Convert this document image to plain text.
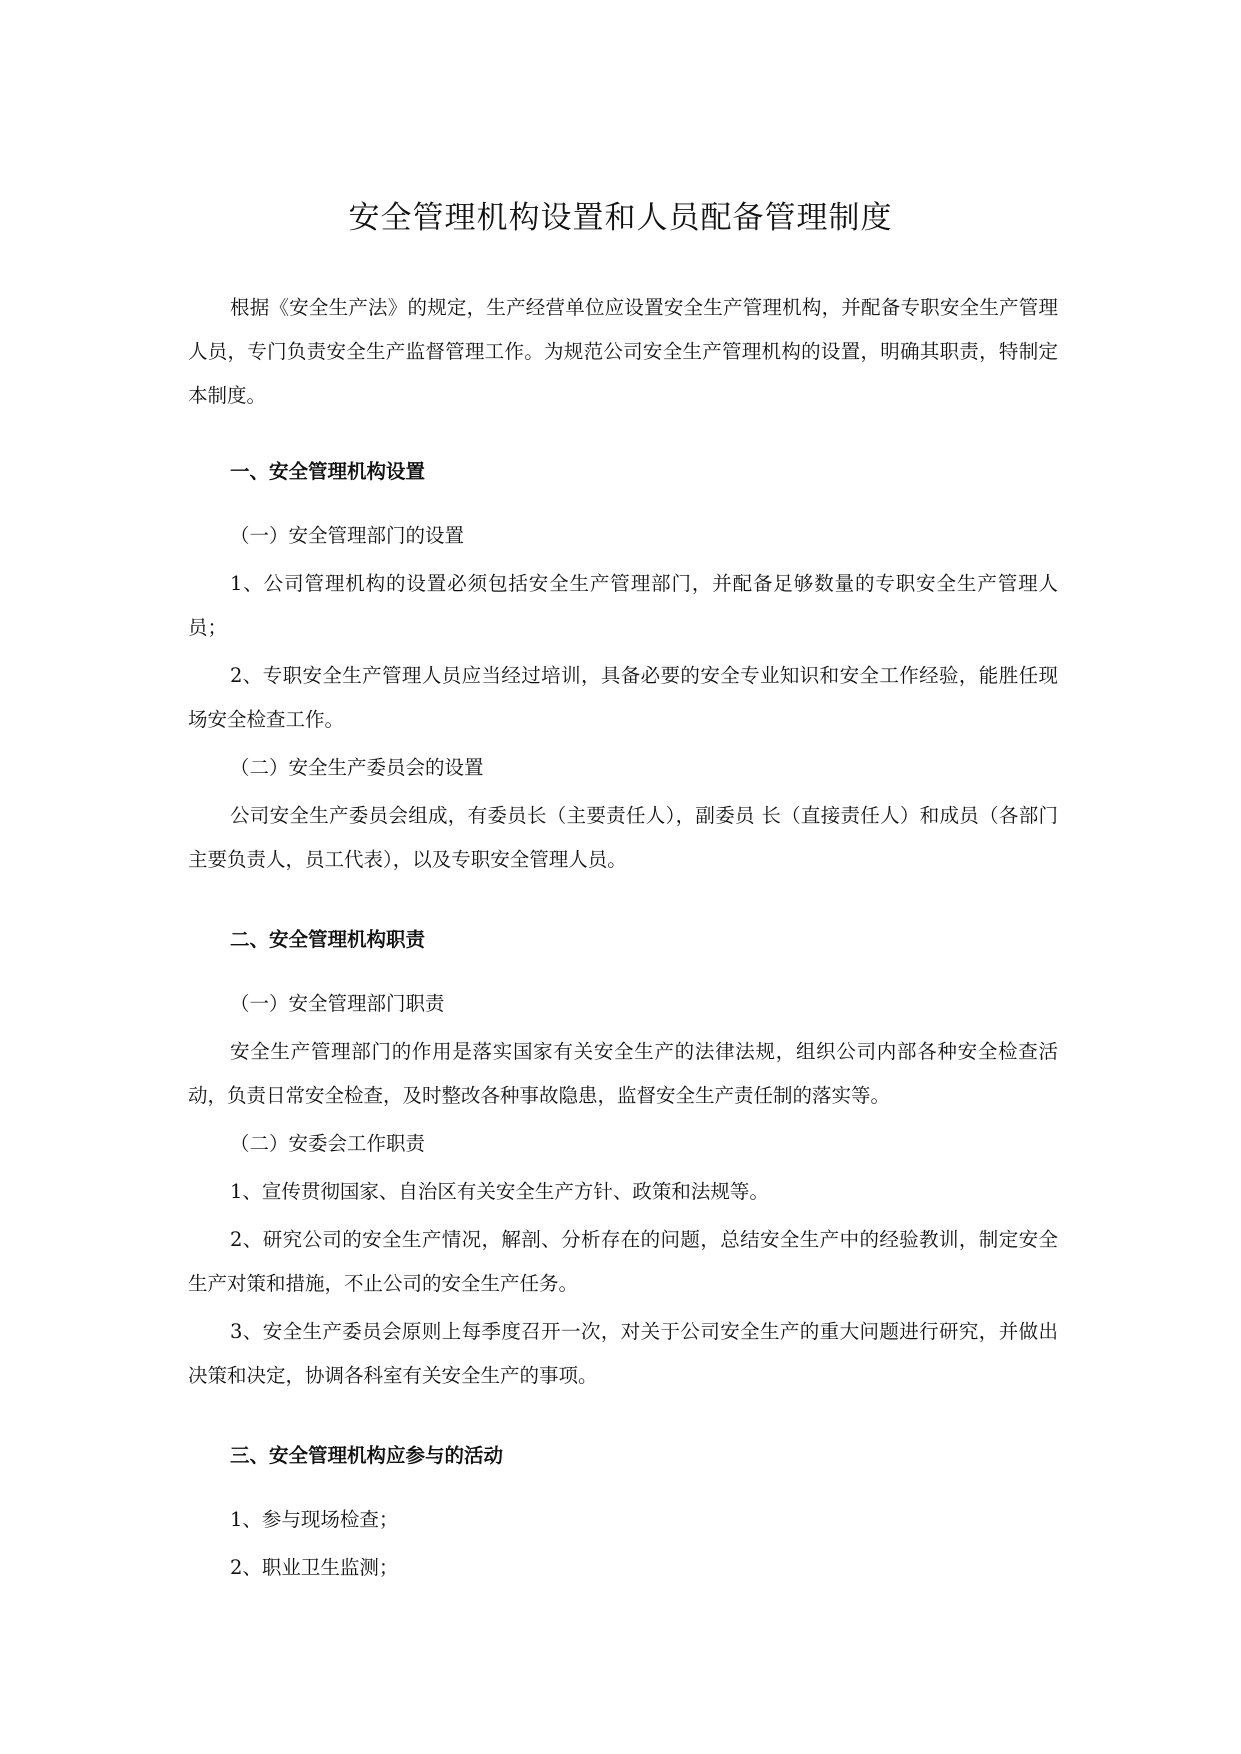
安全管理机构设置和人员配备管理制度

根据《安全生产法》的规定，生产经营单位应设置安全生产管理机构，并配备专职安全生产管理人员，专门负责安全生产监督管理工作。为规范公司安全生产管理机构的设置，明确其职责，特制定本制度。

一、安全管理机构设置

（一）安全管理部门的设置

1、公司管理机构的设置必须包括安全生产管理部门，并配备足够数量的专职安全生产管理人员；

2、专职安全生产管理人员应当经过培训，具备必要的安全专业知识和安全工作经验，能胜任现场安全检查工作。

（二）安全生产委员会的设置

公司安全生产委员会组成，有委员长（主要责任人），副委员 长（直接责任人）和成员（各部门主要负责人，员工代表），以及专职安全管理人员。

二、安全管理机构职责

（一）安全管理部门职责

安全生产管理部门的作用是落实国家有关安全生产的法律法规，组织公司内部各种安全检查活动，负责日常安全检查，及时整改各种事故隐患，监督安全生产责任制的落实等。

（二）安委会工作职责

1、宣传贯彻国家、自治区有关安全生产方针、政策和法规等。

2、研究公司的安全生产情况，解剖、分析存在的问题，总结安全生产中的经验教训，制定安全生产对策和措施，不止公司的安全生产任务。

3、安全生产委员会原则上每季度召开一次，对关于公司安全生产的重大问题进行研究，并做出决策和决定，协调各科室有关安全生产的事项。

三、安全管理机构应参与的活动

1、参与现场检查；

2、职业卫生监测；
